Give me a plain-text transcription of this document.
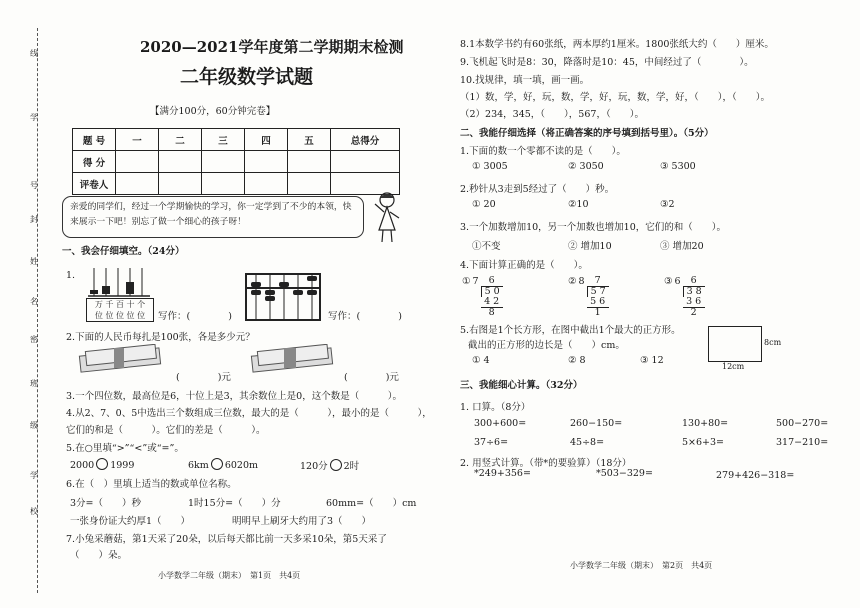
线
学
号
封
姓
名
密
班
级
学
校
2020—2021学年度第二学期期末检测
二年级数学试题
【满分100分，60分钟完卷】
题 号	一	二	三	四	五	总得分
得 分						
评卷人						
亲爱的同学们，经过一个学期愉快的学习，你一定学到了不少的本领，快来展示一下吧！别忘了做一个细心的孩子呀！
一、我会仔细填空。（24分）
1.
万 千 百 十 个
位 位 位 位 位	写作：(　　　　)	写作：(　　　　)
2.下面的人民币每扎是100张，各是多少元？
(　　　　)元	(　　　　)元
3.一个四位数，最高位是6，十位上是3，其余数位上是0，这个数是（　　　）。
4.从2、7、0、5中选出三个数组成三位数，最大的是（　　　），最小的是（　　　），
它们的和是（　　　）。它们的差是（　　　）。
5.在○里填“>”“<”或“=”。
2000 1999	6km 6020m	120分 2时
6.在（　）里填上适当的数或单位名称。
3分=（　　）秒	1时15分=（　　）分	60mm=（　　）cm
一张身份证大约厚1（　　）	明明早上刷牙大约用了3（　　）
7.小兔采蘑菇，第1天采了20朵，以后每天都比前一天多采10朵，第5天采了
（　　）朵。
小学数学二年级（期末）　第1页　共4页
8.1本数学书约有60张纸，两本厚约1厘米。1800张纸大约（　　）厘米。
9.飞机起飞时是8：30，降落时是10：45，中间经过了（　　　　）。
10.找规律，填一填，画一画。
（1）数，学，好，玩，数，学，好，玩，数，学，好，（　　），（　　）。
（2）234，345，（　　），567，（　　）。
二、我能仔细选择（将正确答案的序号填到括号里）。（5分）
1.下面的数一个零都不读的是（　　）。
① 3005	② 3050	③ 5300
2.秒针从3走到5经过了（　　）秒。
① 20	②10	③2
3.一个加数增加10，另一个加数也增加10，它们的和（　　）。
①不变	② 增加10	③ 增加20
4.下面计算正确的是（　　）。
① 7	6
5 0
4 2
8
② 8	7
5 7
5 6
1
③ 6	6
3 8
3 6
2
5.右图是1个长方形，在图中截出1个最大的正方形。
截出的正方形的边长是（　　）cm。
① 4	② 8	③ 12
三、我能细心计算。（32分）
1. 口算。（8分）
300+600=	260−150=	130+80=	500−270=
37÷6=	45÷8=	5×6+3=	317−210=
2. 用竖式计算。（带*的要验算）（18分）
*249+356=	*503−329=	279+426−318=
小学数学二年级（期末）　第2页　共4页
8cm
12cm
